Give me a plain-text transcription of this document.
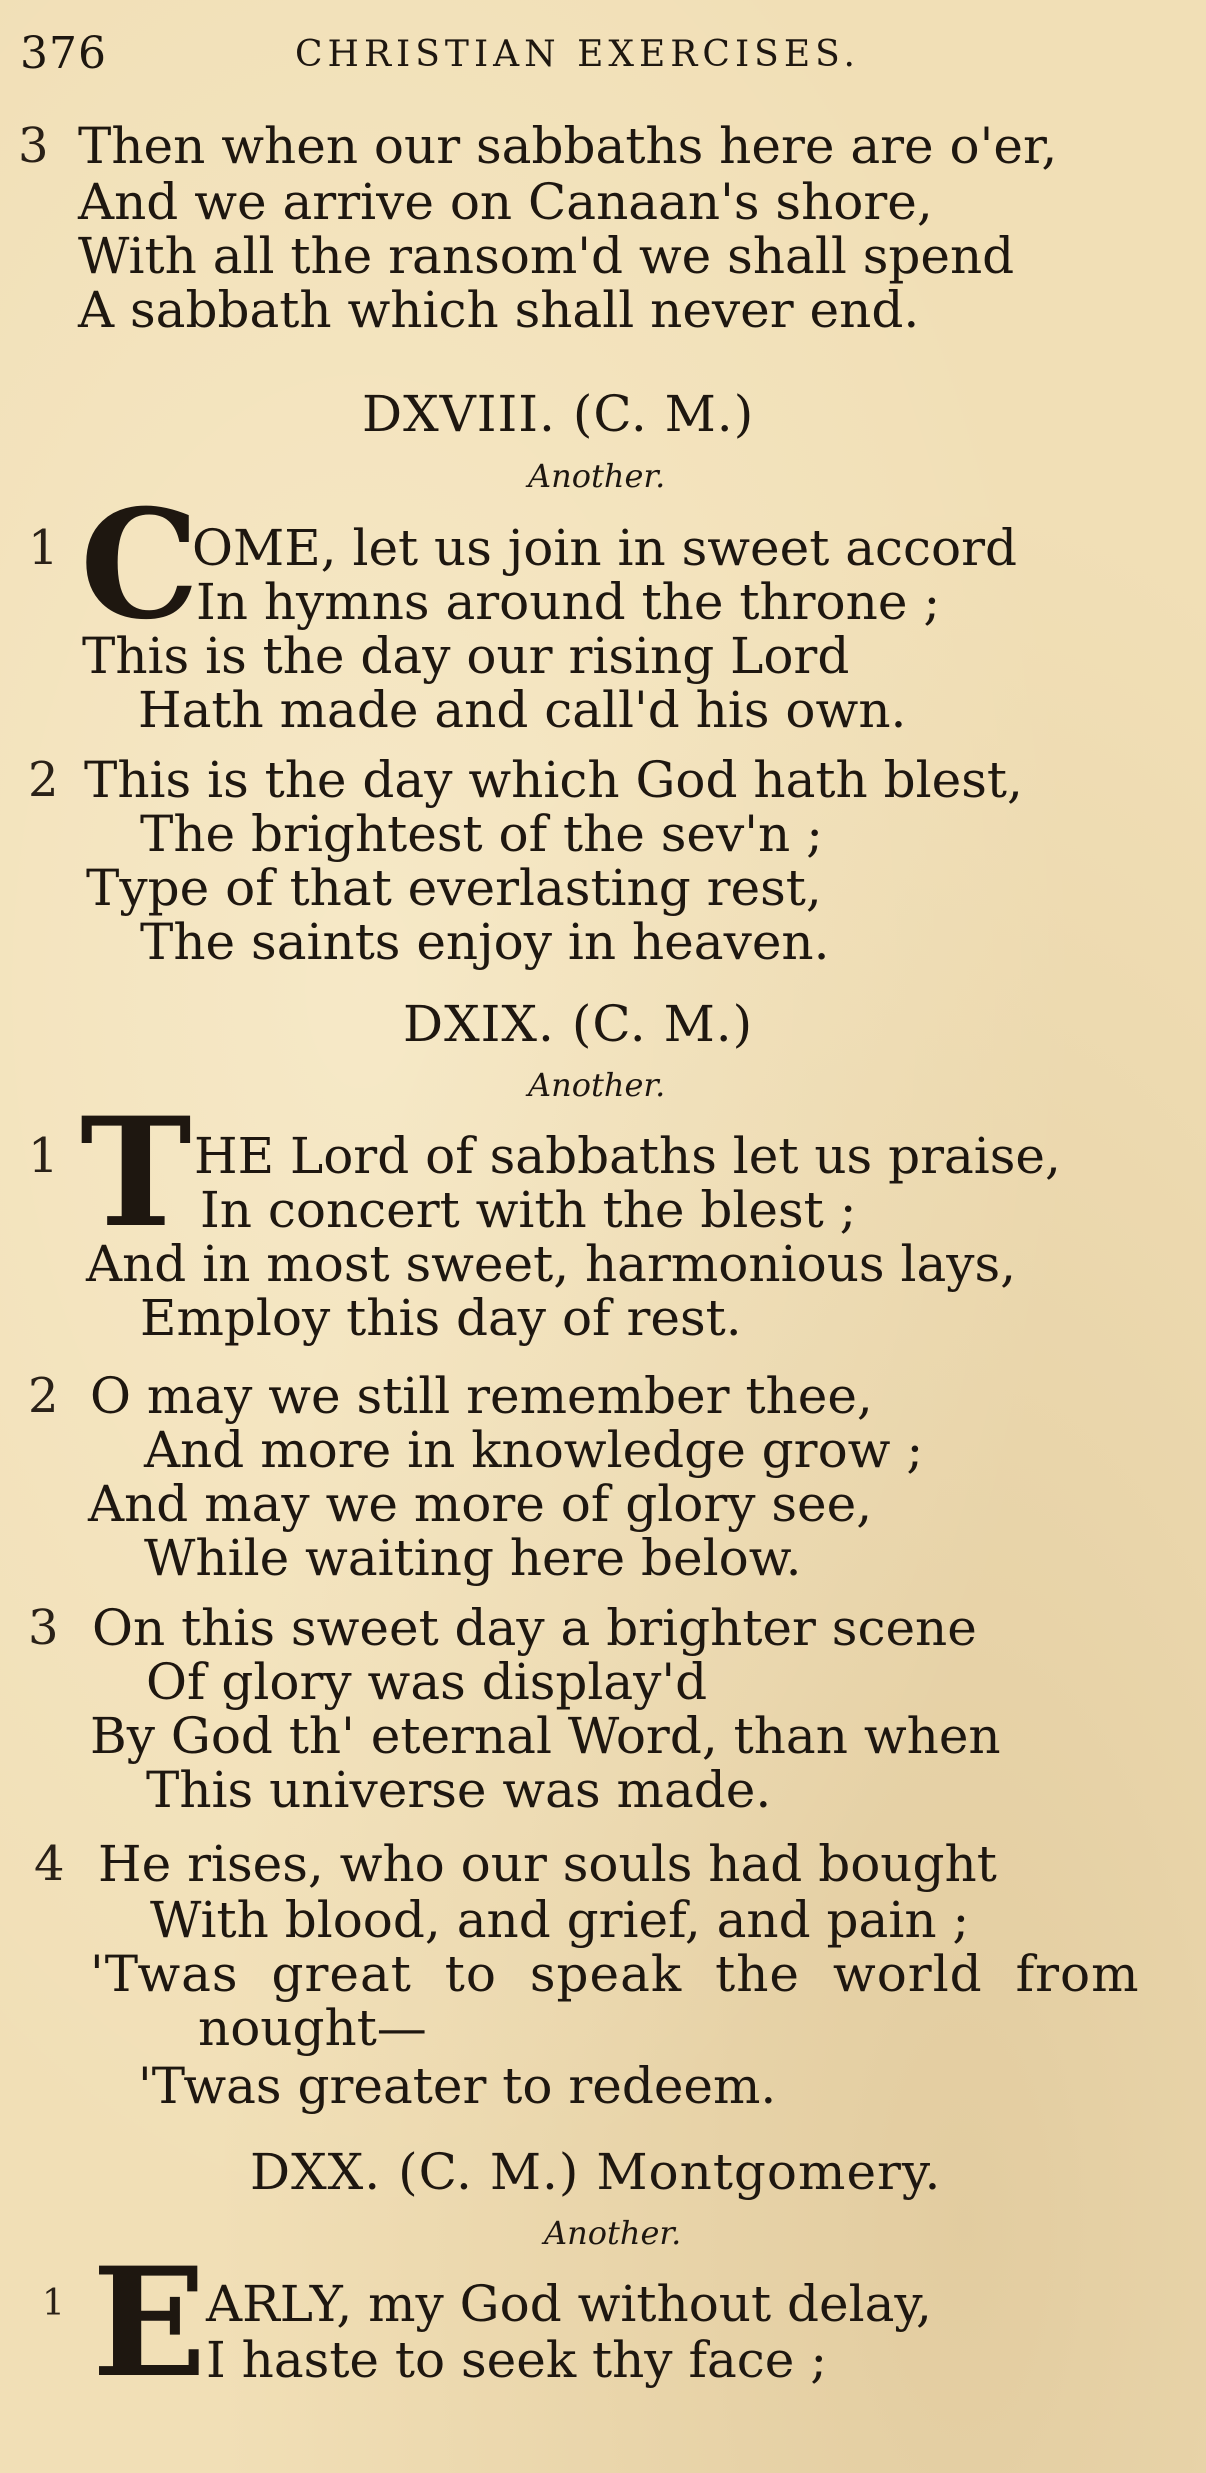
376	CHRISTIAN EXERCISES.
3 Then when our sabbaths here are o'er,
And we arrive on Canaan's shore,
With all the ransom'd we shall spend
A sabbath which shall never end.
DXVIII. (C. M.)
Another.
1 C
OME, let us join in sweet accord
In hymns around the throne ;
This is the day our rising Lord
Hath made and call'd his own.
2 This is the day which God hath blest,
The brightest of the sev'n ;
Type of that everlasting rest,
The saints enjoy in heaven.
DXIX. (C. M.)
Another.
1 T HE Lord of sabbaths let us praise,
In concert with the blest ;
And in most sweet, harmonious lays,
Employ this day of rest.
2 O may we still remember thee,
And more in knowledge grow ;
And may we more of glory see,
While waiting here below.
3 On this sweet day a brighter scene
Of glory was display'd
By God th' eternal Word, than when
This universe was made.
4 He rises, who our souls had bought
With blood, and grief, and pain ;
'Twas great to speak the world from
nought—
'Twas greater to redeem.
DXX. (C. M.) Montgomery.
Another.
1 E ARLY, my God without delay,
I haste to seek thy face ;
